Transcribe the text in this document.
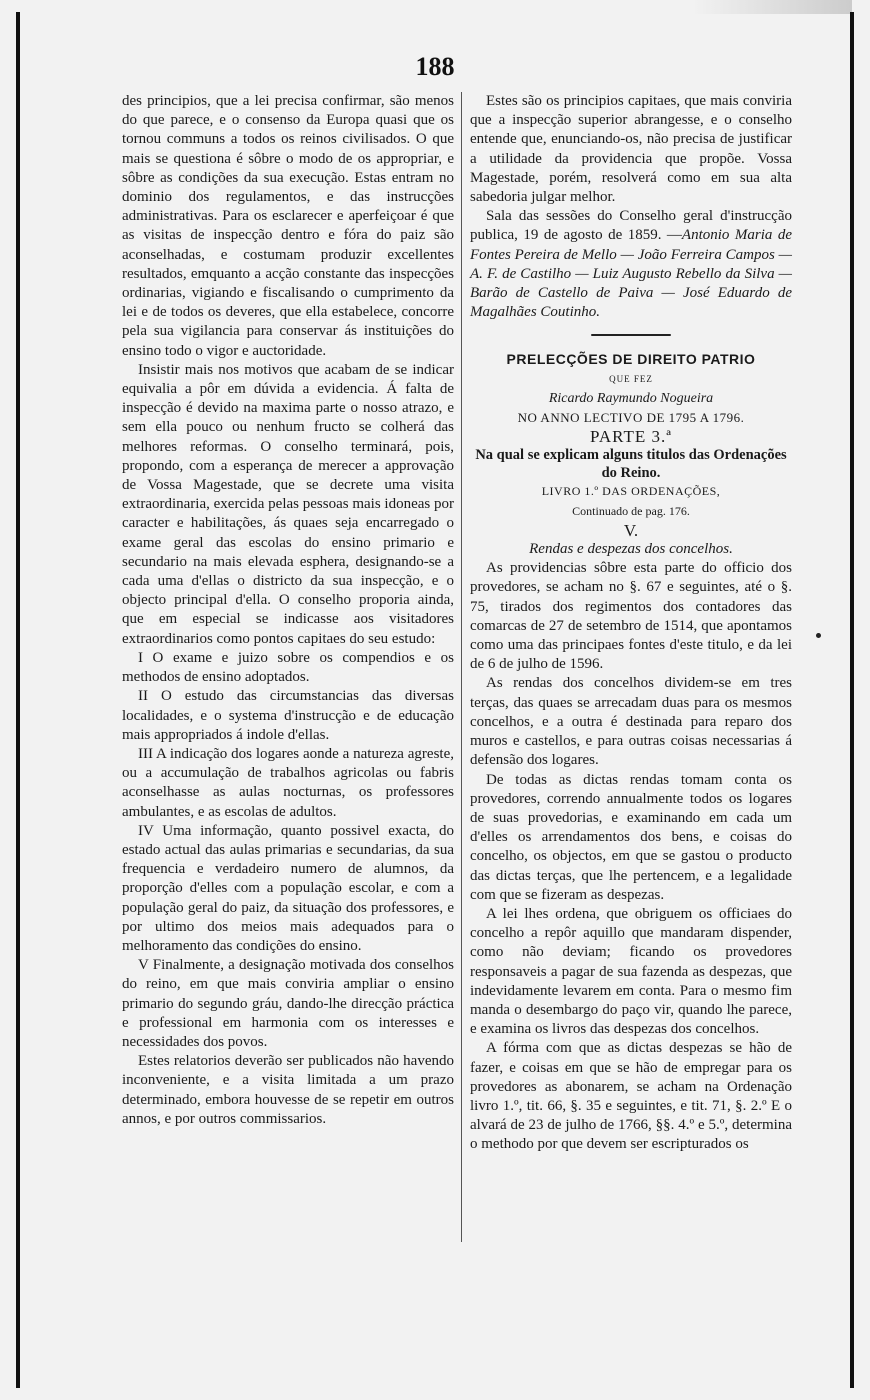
188

des principios, que a lei precisa confirmar, são menos do que parece, e o consenso da Europa quasi que os tornou communs a todos os reinos civilisados. O que mais se questiona é sôbre o modo de os appropriar, e sôbre as condições da sua execução. Estas entram no dominio dos regulamentos, e das instrucções administrativas. Para os esclarecer e aperfeiçoar é que as visitas de inspecção dentro e fóra do paiz são aconselhadas, e costumam produzir excellentes resultados, emquanto a acção constante das inspecções ordinarias, vigiando e fiscalisando o cumprimento da lei e de todos os deveres, que ella estabelece, concorre pela sua vigilancia para conservar ás instituições do ensino todo o vigor e auctoridade.

Insistir mais nos motivos que acabam de se indicar equivalia a pôr em dúvida a evidencia. Á falta de inspecção é devido na maxima parte o nosso atrazo, e sem ella pouco ou nenhum fructo se colherá das melhores reformas. O conselho terminará, pois, propondo, com a esperança de merecer a approvação de Vossa Magestade, que se decrete uma visita extraordinaria, exercida pelas pessoas mais idoneas por caracter e habilitações, ás quaes seja encarregado o exame geral das escolas do ensino primario e secundario na mais elevada esphera, designando-se a cada uma d'ellas o districto da sua inspecção, e o objecto principal d'ella. O conselho proporia ainda, que em especial se indicasse aos visitadores extraordinarios como pontos capitaes do seu estudo:

I O exame e juizo sobre os compendios e os methodos de ensino adoptados.

II O estudo das circumstancias das diversas localidades, e o systema d'instrucção e de educação mais appropriados á indole d'ellas.

III A indicação dos logares aonde a natureza agreste, ou a accumulação de trabalhos agricolas ou fabris aconselhasse as aulas nocturnas, os professores ambulantes, e as escolas de adultos.

IV Uma informação, quanto possivel exacta, do estado actual das aulas primarias e secundarias, da sua frequencia e verdadeiro numero de alumnos, da proporção d'elles com a população escolar, e com a população geral do paiz, da situação dos professores, e por ultimo dos meios mais adequados para o melhoramento das condições do ensino.

V Finalmente, a designação motivada dos conselhos do reino, em que mais conviria ampliar o ensino primario do segundo gráu, dando-lhe direcção práctica e professional em harmonia com os interesses e necessidades dos povos.

Estes relatorios deverão ser publicados não havendo inconveniente, e a visita limitada a um prazo determinado, embora houvesse de se repetir em outros annos, e por outros commissarios.

Estes são os principios capitaes, que mais conviria que a inspecção superior abrangesse, e o conselho entende que, enunciando-os, não precisa de justificar a utilidade da providencia que propõe. Vossa Magestade, porém, resolverá como em sua alta sabedoria julgar melhor.

Sala das sessões do Conselho geral d'instrucção publica, 19 de agosto de 1859. —Antonio Maria de Fontes Pereira de Mello — João Ferreira Campos — A. F. de Castilho — Luiz Augusto Rebello da Silva — Barão de Castello de Paiva — José Eduardo de Magalhães Coutinho.

PRELECÇÕES DE DIREITO PATRIO

QUE FEZ

Ricardo Raymundo Nogueira

NO ANNO LECTIVO DE 1795 A 1796.

PARTE 3.ª

Na qual se explicam alguns titulos das Ordenações do Reino.

LIVRO 1.º DAS ORDENAÇÕES,

Continuado de pag. 176.

V.

Rendas e despezas dos concelhos.

As providencias sôbre esta parte do officio dos provedores, se acham no §. 67 e seguintes, até o §. 75, tirados dos regimentos dos contadores das comarcas de 27 de setembro de 1514, que apontamos como uma das principaes fontes d'este titulo, e da lei de 6 de julho de 1596.

As rendas dos concelhos dividem-se em tres terças, das quaes se arrecadam duas para os mesmos concelhos, e a outra é destinada para reparo dos muros e castellos, e para outras coisas necessarias á defensão dos logares.

De todas as dictas rendas tomam conta os provedores, correndo annualmente todos os logares de suas provedorias, e examinando em cada um d'elles os arrendamentos dos bens, e coisas do concelho, os objectos, em que se gastou o producto das dictas terças, que lhe pertencem, e a legalidade com que se fizeram as despezas.

A lei lhes ordena, que obriguem os officiaes do concelho a repôr aquillo que mandaram dispender, como não deviam; ficando os provedores responsaveis a pagar de sua fazenda as despezas, que indevidamente levarem em conta. Para o mesmo fim manda o desembargo do paço vir, quando lhe parece, e examina os livros das despezas dos concelhos.

A fórma com que as dictas despezas se hão de fazer, e coisas em que se hão de empregar para os provedores as abonarem, se acham na Ordenação livro 1.º, tit. 66, §. 35 e seguintes, e tit. 71, §. 2.º E o alvará de 23 de julho de 1766, §§. 4.º e 5.º, determina o methodo por que devem ser escripturados os
